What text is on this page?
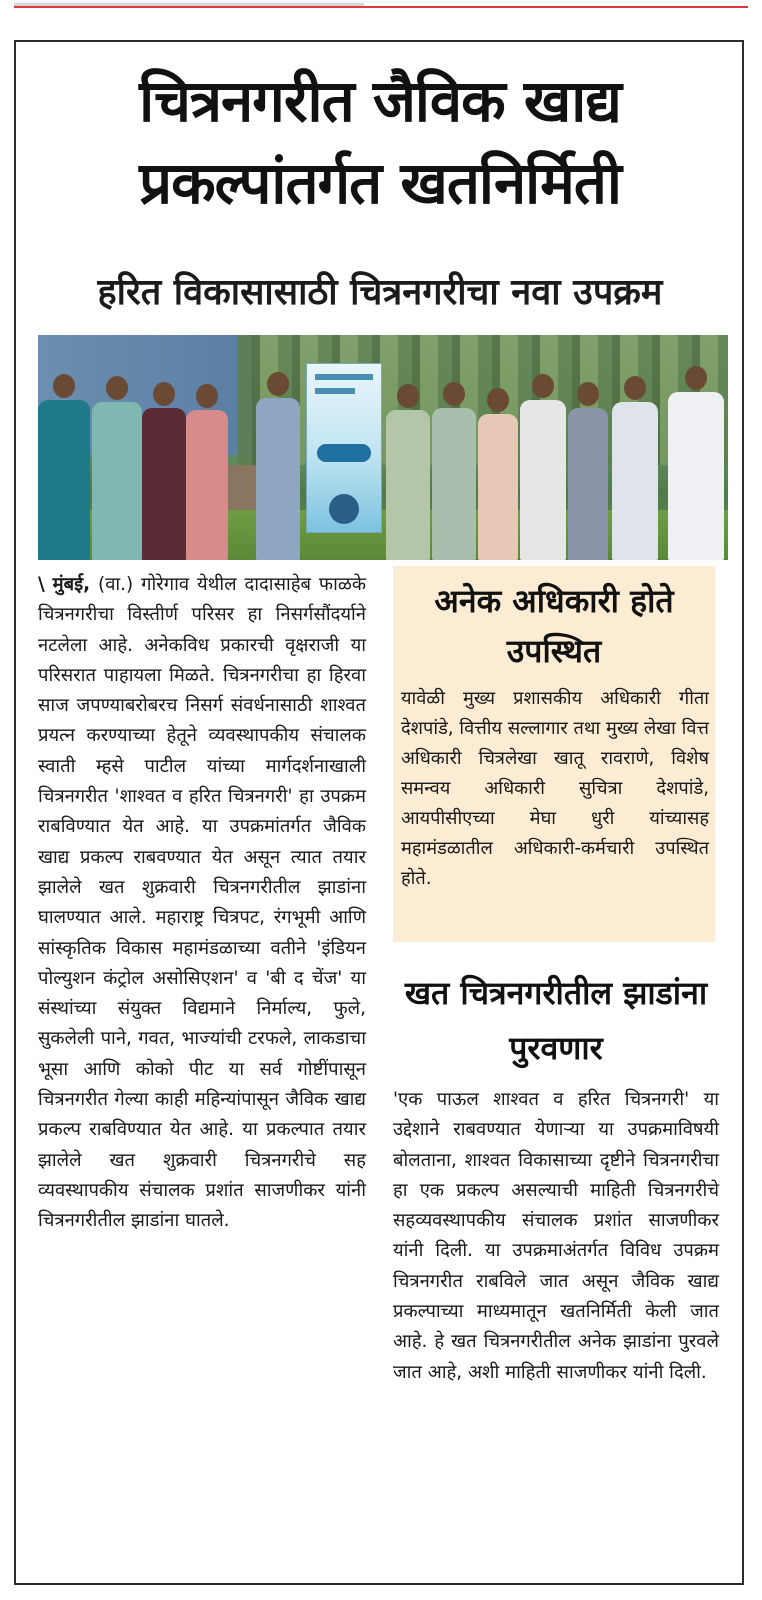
चित्रनगरीत जैविक खाद्य प्रकल्पांतर्गत खतनिर्मिती
हरित विकासासाठी चित्रनगरीचा नवा उपक्रम
\ मुंबई, (वा.) गोरेगाव येथील दादासाहेब फाळके चित्रनगरीचा विस्तीर्ण परिसर हा निसर्गसौंदर्याने नटलेला आहे. अनेकविध प्रकारची वृक्षराजी या परिसरात पाहायला मिळते. चित्रनगरीचा हा हिरवा साज जपण्याबरोबरच निसर्ग संवर्धनासाठी शाश्वत प्रयत्न करण्याच्या हेतूने व्यवस्थापकीय संचालक स्वाती म्हसे पाटील यांच्या मार्गदर्शनाखाली चित्रनगरीत 'शाश्वत व हरित चित्रनगरी' हा उपक्रम राबविण्यात येत आहे. या उपक्रमांतर्गत जैविक खाद्य प्रकल्प राबवण्यात येत असून त्यात तयार झालेले खत शुक्रवारी चित्रनगरीतील झाडांना घालण्यात आले. महाराष्ट्र चित्रपट, रंगभूमी आणि सांस्कृतिक विकास महामंडळाच्या वतीने 'इंडियन पोल्युशन कंट्रोल असोसिएशन' व 'बी द चेंज' या संस्थांच्या संयुक्त विद्यमाने निर्माल्य, फुले, सुकलेली पाने, गवत, भाज्यांची टरफले, लाकडाचा भूसा आणि कोको पीट या सर्व गोष्टींपासून चित्रनगरीत गेल्या काही महिन्यांपासून जैविक खाद्य प्रकल्प राबविण्यात येत आहे. या प्रकल्पात तयार झालेले खत शुक्रवारी चित्रनगरीचे सह व्यवस्थापकीय संचालक प्रशांत साजणीकर यांनी चित्रनगरीतील झाडांना घातले.
अनेक अधिकारी होते उपस्थित
यावेळी मुख्य प्रशासकीय अधिकारी गीता देशपांडे, वित्तीय सल्लागार तथा मुख्य लेखा वित्त अधिकारी चित्रलेखा खातू रावराणे, विशेष समन्वय अधिकारी सुचित्रा देशपांडे, आयपीसीएच्या मेघा धुरी यांच्यासह महामंडळातील अधिकारी-कर्मचारी उपस्थित होते.
खत चित्रनगरीतील झाडांना पुरवणार
'एक पाऊल शाश्वत व हरित चित्रनगरी' या उद्देशाने राबवण्यात येणाऱ्या या उपक्रमाविषयी बोलताना, शाश्वत विकासाच्या दृष्टीने चित्रनगरीचा हा एक प्रकल्प असल्याची माहिती चित्रनगरीचे सहव्यवस्थापकीय संचालक प्रशांत साजणीकर यांनी दिली. या उपक्रमाअंतर्गत विविध उपक्रम चित्रनगरीत राबविले जात असून जैविक खाद्य प्रकल्पाच्या माध्यमातून खतनिर्मिती केली जात आहे. हे खत चित्रनगरीतील अनेक झाडांना पुरवले जात आहे, अशी माहिती साजणीकर यांनी दिली.
